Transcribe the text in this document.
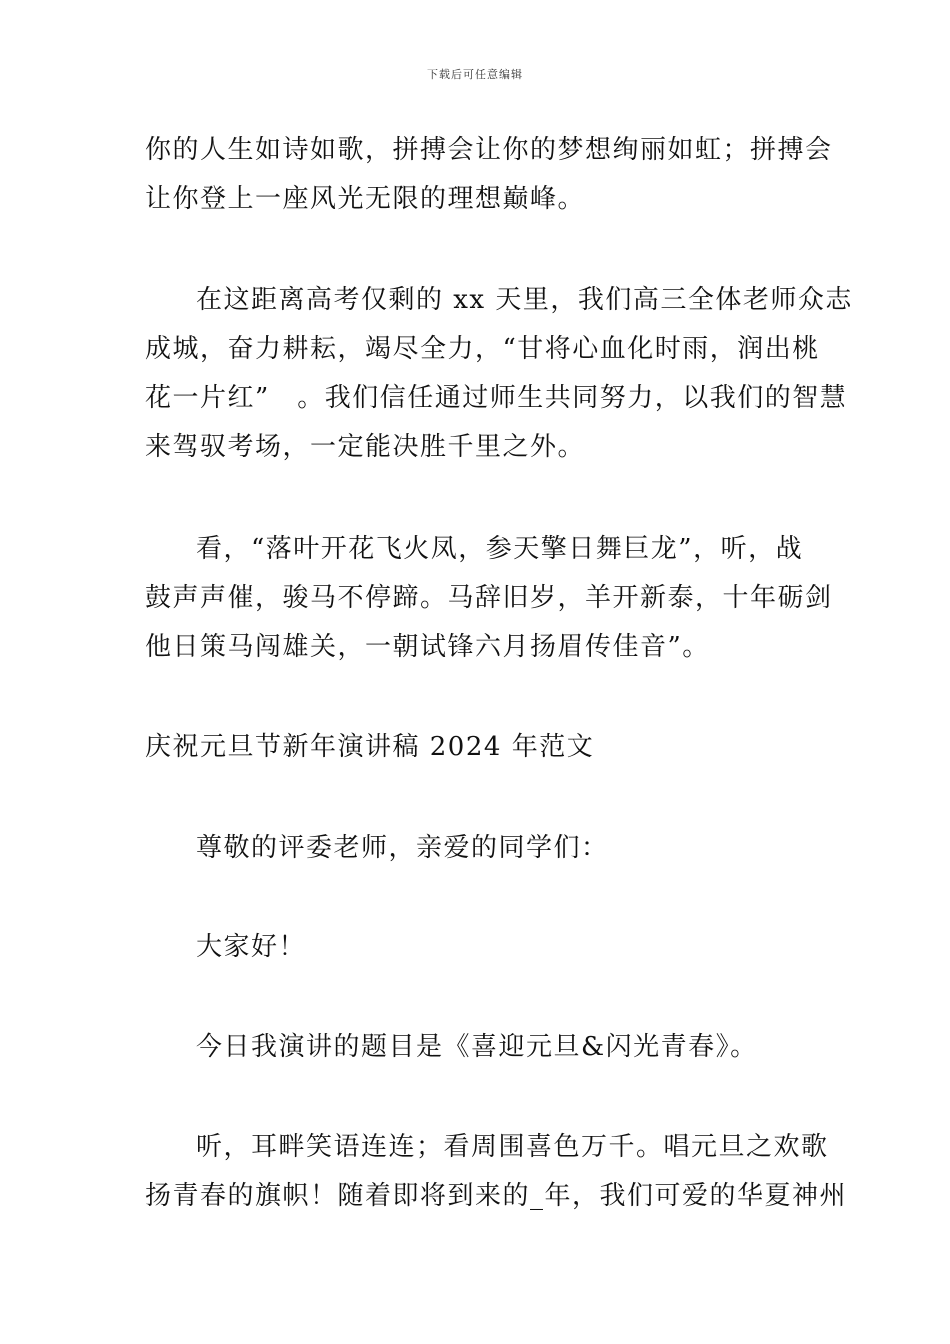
下载后可任意编辑
你的人生如诗如歌，拼搏会让你的梦想绚丽如虹；拼搏会
让你登上一座风光无限的理想巅峰。
在这距离高考仅剩的 xx 天里，我们高三全体老师众志
成城，奋力耕耘，竭尽全力，“甘将心血化时雨，润出桃
花一片红”　。我们信任通过师生共同努力，以我们的智慧
来驾驭考场，一定能决胜千里之外。
看，“落叶开花飞火凤，参天擎日舞巨龙”，听，战
鼓声声催，骏马不停蹄。马辞旧岁，羊开新泰，十年砺剑
他日策马闯雄关，一朝试锋六月扬眉传佳音”。
庆祝元旦节新年演讲稿 2024 年范文
尊敬的评委老师，亲爱的同学们：
大家好！
今日我演讲的题目是《喜迎元旦&闪光青春》。
听，耳畔笑语连连；看周围喜色万千。唱元旦之欢歌
扬青春的旗帜！随着即将到来的_年，我们可爱的华夏神州
